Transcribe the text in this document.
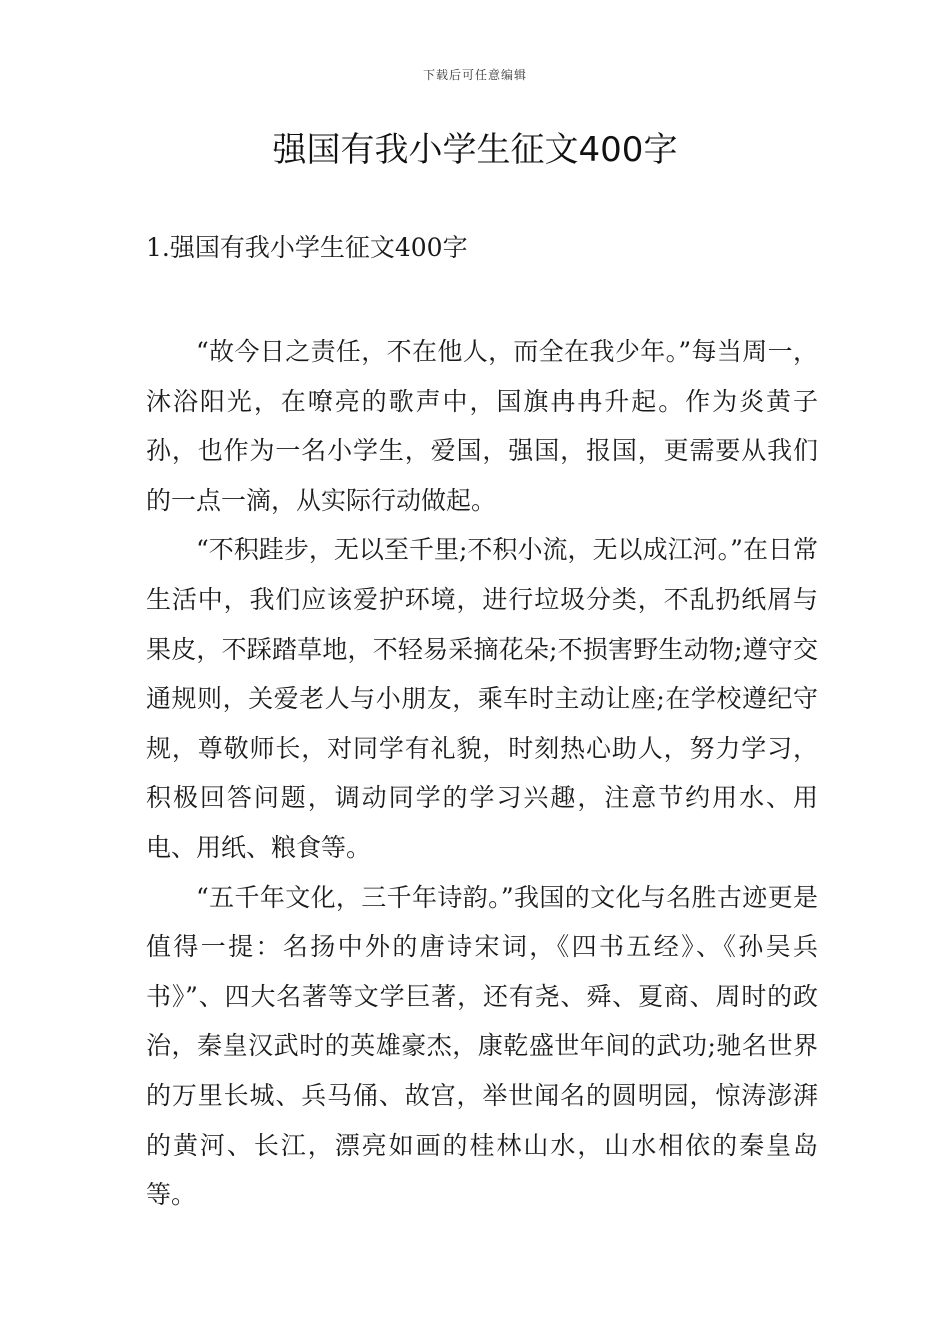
下载后可任意编辑
强国有我小学生征文400字
1.强国有我小学生征文400字

“故今日之责任，不在他人，而全在我少年。”每当周一，沐浴阳光，在嘹亮的歌声中，国旗冉冉升起。作为炎黄子孙，也作为一名小学生，爱国，强国，报国，更需要从我们的一点一滴，从实际行动做起。

“不积跬步，无以至千里;不积小流，无以成江河。”在日常生活中，我们应该爱护环境，进行垃圾分类，不乱扔纸屑与果皮，不踩踏草地，不轻易采摘花朵;不损害野生动物;遵守交通规则，关爱老人与小朋友，乘车时主动让座;在学校遵纪守规，尊敬师长，对同学有礼貌，时刻热心助人，努力学习，积极回答问题，调动同学的学习兴趣，注意节约用水、用电、用纸、粮食等。

“五千年文化，三千年诗韵。”我国的文化与名胜古迹更是值得一提：名扬中外的唐诗宋词，《四书五经》、《孙吴兵书》”、四大名著等文学巨著，还有尧、舜、夏商、周时的政治，秦皇汉武时的英雄豪杰，康乾盛世年间的武功;驰名世界的万里长城、兵马俑、故宫，举世闻名的圆明园，惊涛澎湃的黄河、长江，漂亮如画的桂林山水，山水相依的秦皇岛等。
